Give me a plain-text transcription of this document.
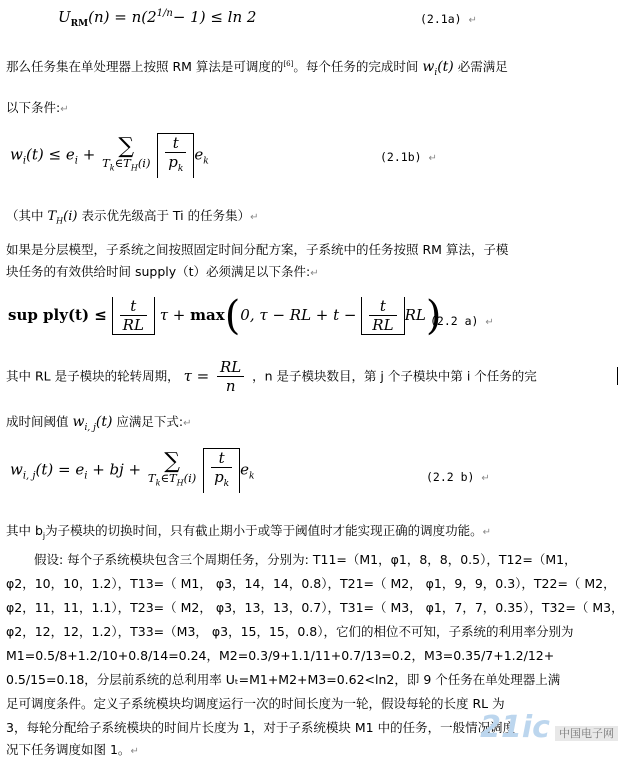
$U_{RM}(n) = n(2^{1/n}- 1) \le \ln 2$	(2.1a) ↵
那么任务集在单处理器上按照 RM 算法是可调度的[6]。每个任务的完成时间 $w_i(t)$ 必需满足
以下条件:↵
$w_i(t) \le e_i$ +	∑
$T_k\in T_H(i)$
$\frac{t}{p_k} e_k$	(2.1b) ↵
（其中 $T_H(i)$ 表示优先级高于 Ti 的任务集）↵
如果是分层模型，子系统之间按照固定时间分配方案，子系统中的任务按照 RM 算法，子模
块任务的有效供给时间 supply（t）必须满足以下条件:↵
sup $ply(t) \le \frac{t}{RL}$ τ + max(0, τ − RL + $t - \frac{t}{RL} RL$)
(2.2 a) ↵
其中 RL 是子模块的轮转周期， $\tau = \frac{RL}{n}$ ，n 是子模块数目，第 j 个子模块中第 i 个任务的完
成时间阈值 $w_{i, j}(t)$ 应满足下式:↵
$w_{i, j}(t) = e_i$ + bj +	∑
$T_k\in T_H(i)$
$\frac{t}{p_k} e_k$	(2.2 b) ↵
其中 $b_j$为子模块的切换时间，只有截止期小于或等于阈值时才能实现正确的调度功能。↵
假设: 每个子系统模块包含三个周期任务，分别为: T11=（M1，φ1，8，8，0.5），T12=（M1，
φ2，10，10，1.2），T13=（ M1， φ3，14，14，0.8），T21=（ M2， φ1，9，9，0.3），T22=（ M2，
φ2，11，11，1.1），T23=（ M2， φ3，13，13，0.7），T31=（ M3， φ1，7，7，0.35），T32=（ M3，
φ2，12，12，1.2），T33=（M3， φ3，15，15，0.8），它们的相位不可知，子系统的利用率分别为
M1=0.5/8+1.2/10+0.8/14=0.24，M2=0.3/9+1.1/11+0.7/13=0.2，M3=0.35/7+1.2/12+
0.5/15=0.18，分层前系统的总利用率 Uₜ=M1+M2+M3=0.62<ln2，即 9 个任务在单处理器上满
足可调度条件。定义子系统模块均调度运行一次的时间长度为一轮，假设每轮的长度 RL 为
3，每轮分配给子系统模块的时间片长度为 1，对于子系统模块 M1 中的任务，一般情况调度
况下任务调度如图 1。↵
21ic 中国电子网
